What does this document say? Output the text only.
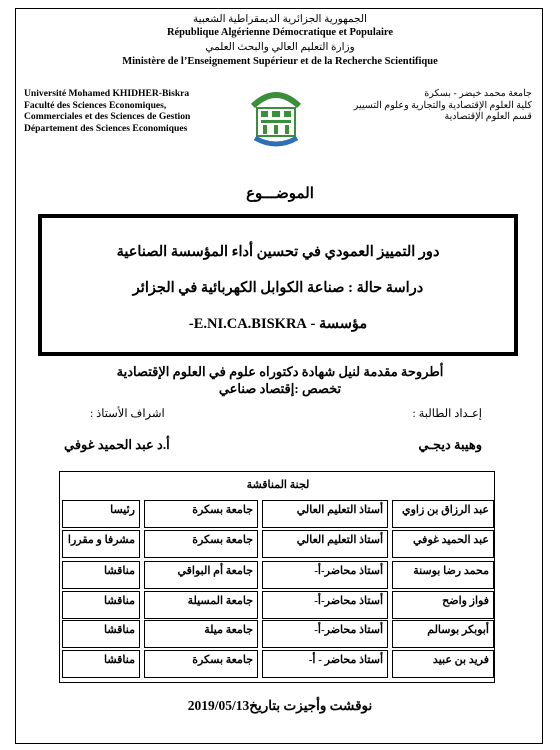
الجمهورية الجزائرية الديمقراطية الشعبية
République Algérienne Démocratique et Populaire
وزارة التعليم العالي والبحث العلمي
Ministère de l’Enseignement Supérieur et de la Recherche Scientifique
Université Mohamed KHIDHER-Biskra
Faculté des Sciences Economiques,
Commerciales et des Sciences de Gestion
Département des Sciences Economiques
جامعة محمد خيضر - بسكرة
كلية العلوم الإقتصادية والتجارية وعلوم التسيير
قسم العلوم الإقتصادية
الموضـــوع
دور التمييز العمودي في تحسين أداء المؤسسة الصناعية
دراسة حالة : صناعة الكوابل الكهربائية في الجزائر
مؤسسة - E.NI.CA.BISKRA-
أطروحة مقدمة لنيل شهادة دكتوراه علوم في العلوم الإقتصادية
تخصص :إقتصاد صناعي
إعـداد الطالبة :
اشراف الأستاذ :
وهيبة ديجـي
أ.د عبد الحميد غوفي
لجنة المناقشة
عبد الرزاق بن زاوي
أستاذ التعليم العالي
جامعة بسكرة
رئيسا
عبد الحميد غوفي
أستاذ التعليم العالي
جامعة بسكرة
مشرفا و مقررا
محمد رضا بوسنة
أستاذ محاضر-أ-
جامعة أم البواقي
مناقشا
فواز واضح
أستاذ محاضر-أ-
جامعة المسيلة
مناقشا
أبوبكر بوسالم
أستاذ محاضر-أ-
جامعة ميلة
مناقشا
فريد بن عبيد
أستاذ محاضر - أ-
جامعة بسكرة
مناقشا
نوقشت وأجيزت بتاريخ2019/05/13
